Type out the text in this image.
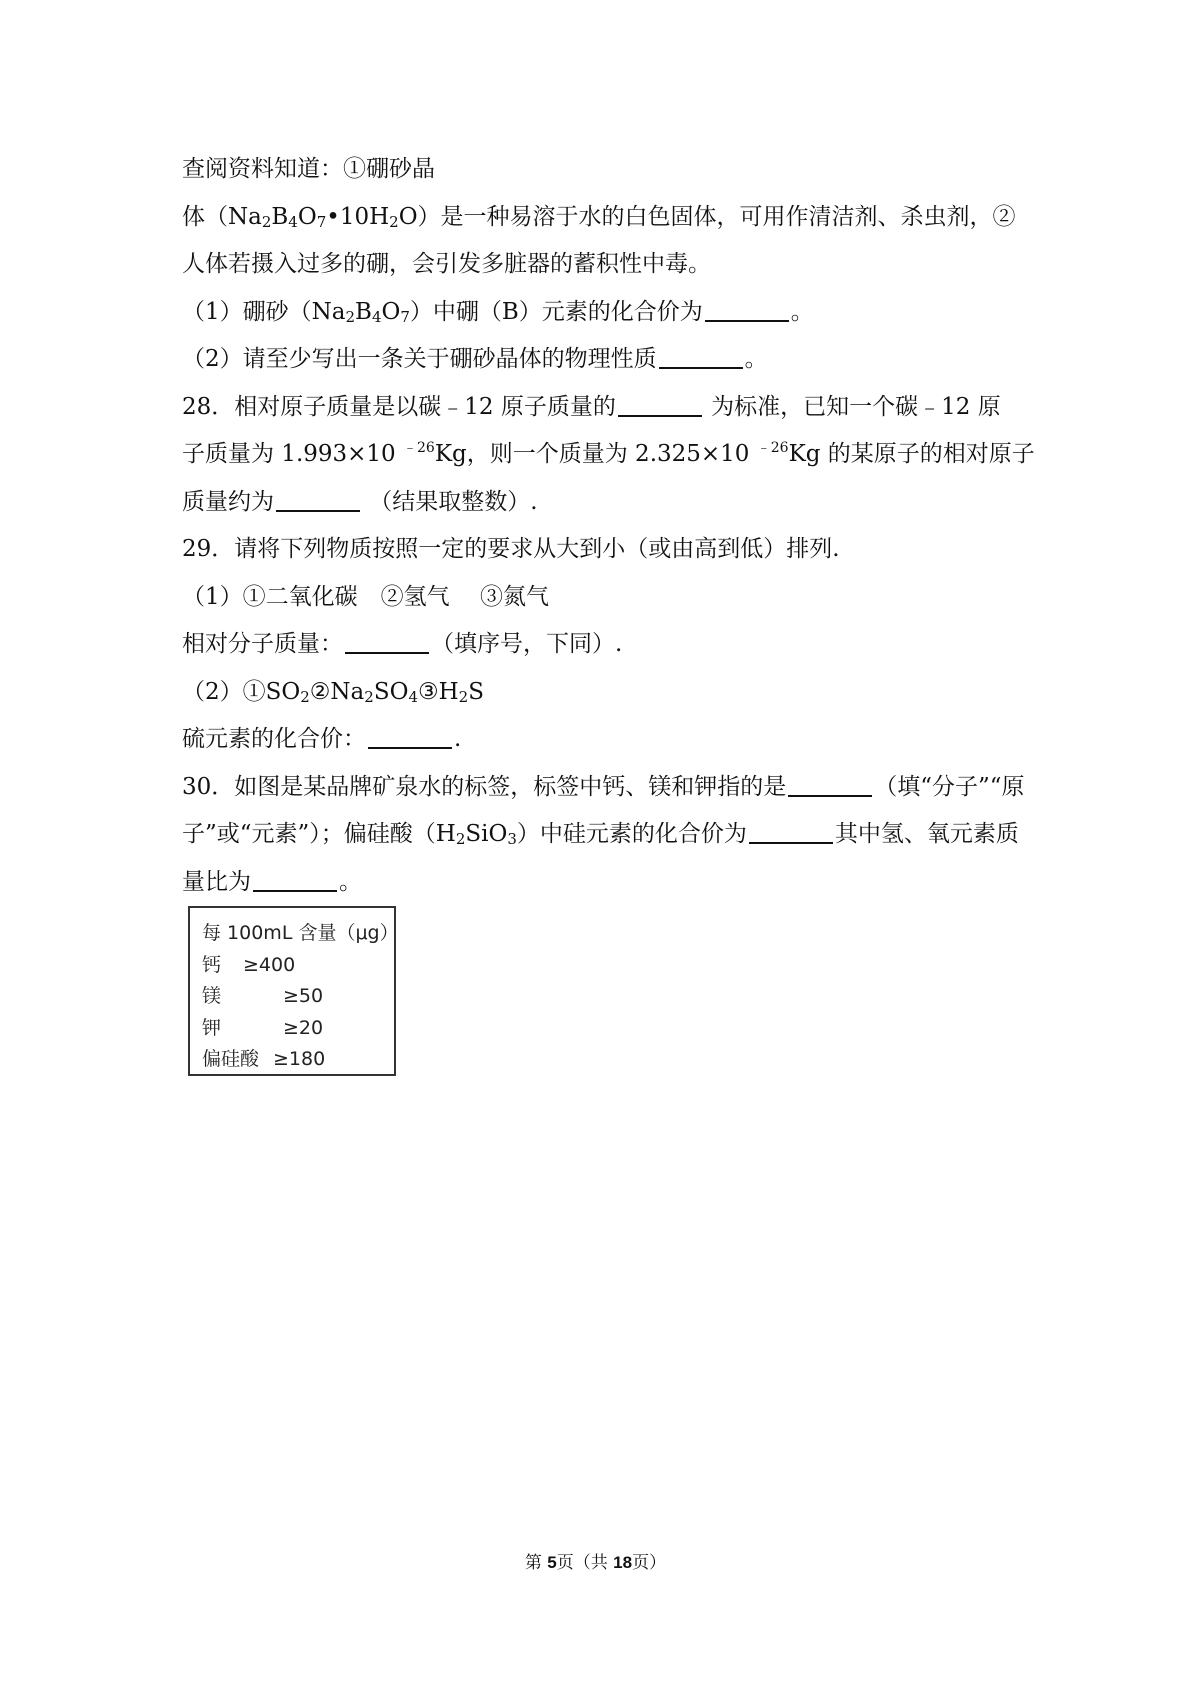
查阅资料知道：①硼砂晶
体$(Na_2B_4O_7•10H_2O)$是一种易溶于水的白色固体，可用作清洁剂、杀虫剂，②
人体若摄入过多的硼，会引发多脏器的蓄积性中毒。
（1）硼砂$(Na_2B_4O_7)$中硼（B）元素的化合价为	。
（2）请至少写出一条关于硼砂晶体的物理性质	。
28．相对原子质量是以碳﹣12 原子质量的	为标准，已知一个碳﹣12 原
子质量为 1.993×10 $^{﹣26}$Kg，则一个质量为 2.325×10 $^{﹣26}$Kg 的某原子的相对原子
质量约为	（结果取整数）.
29．请将下列物质按照一定的要求从大到小（或由高到低）排列.
（1）①二氧化碳　②氢气　 ③氮气
相对分子质量：	（填序号，下同）.
$(2)①SO_2②Na_2SO_4③H_2S$
硫元素的化合价：	.
30．如图是某品牌矿泉水的标签，标签中钙、镁和钾指的是	（填“分子”“原
子”或“元素”）；偏硅酸$(H_2SiO_3)$中硅元素的化合价为	其中氢、氧元素质
量比为	。
每 100mL 含量（μg）
钙 ≥400
镁	≥50
钾	≥20
偏硅酸 ≥180
第 5页（共 18页）
